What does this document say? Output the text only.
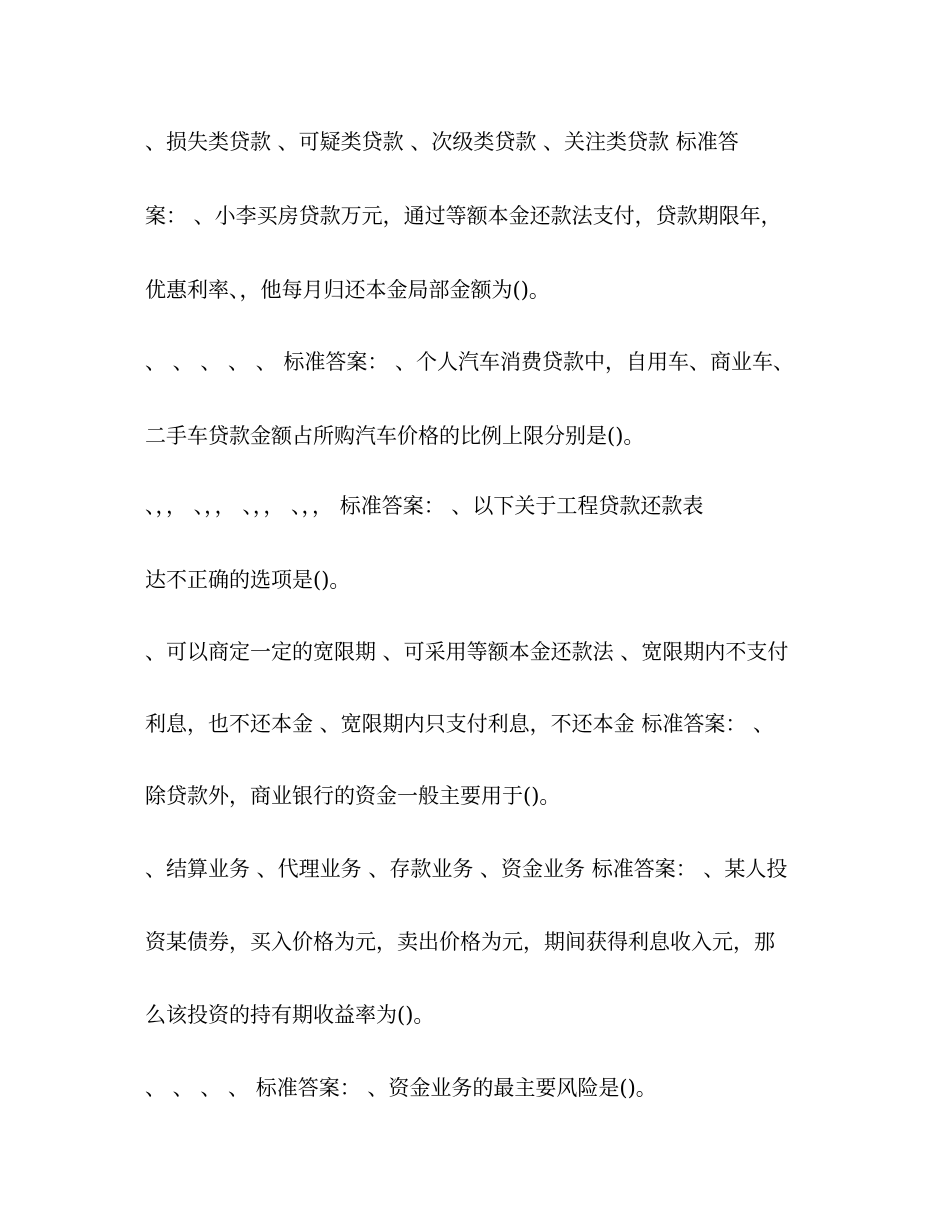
、损失类贷款 、可疑类贷款 、次级类贷款 、关注类贷款 标准答
案： 、小李买房贷款万元，通过等额本金还款法支付，贷款期限年，
优惠利率、，他每月归还本金局部金额为()。
、 、 、 、 、 标准答案： 、个人汽车消费贷款中，自用车、商业车、
二手车贷款金额占所购汽车价格的比例上限分别是()。
、，， 、，， 、，， 、，， 标准答案： 、以下关于工程贷款还款表
达不正确的选项是()。
、可以商定一定的宽限期 、可采用等额本金还款法 、宽限期内不支付
利息，也不还本金 、宽限期内只支付利息，不还本金 标准答案： 、
除贷款外，商业银行的资金一般主要用于()。
、结算业务 、代理业务 、存款业务 、资金业务 标准答案： 、某人投
资某债券，买入价格为元，卖出价格为元，期间获得利息收入元，那
么该投资的持有期收益率为()。
、 、 、 、 标准答案： 、资金业务的最主要风险是()。
